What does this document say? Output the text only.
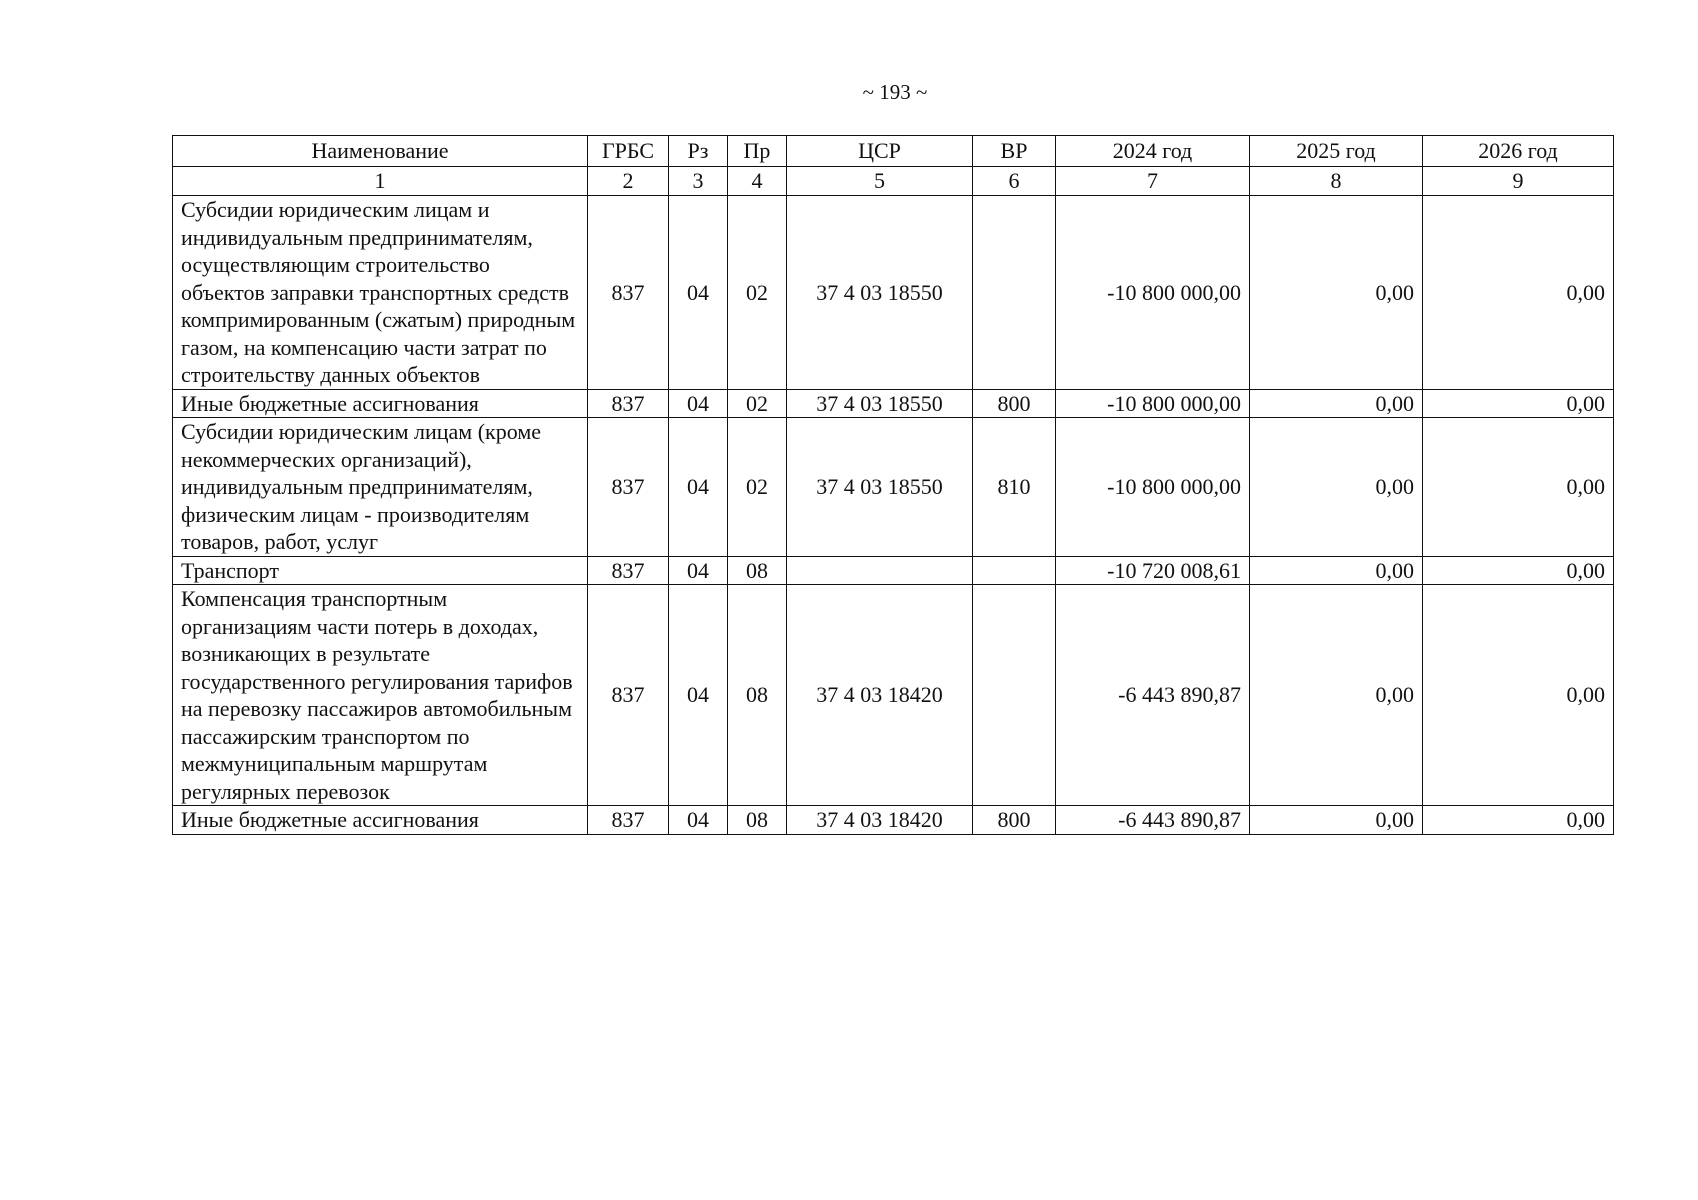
~ 193 ~
Наименование	ГРБС	Рз	Пр	ЦСР	ВР	2024 год	2025 год	2026 год
1	2	3	4	5	6	7	8	9
Субсидии юридическим лицам и индивидуальным предпринимателям, осуществляющим строительство объектов заправки транспортных средств компримированным (сжатым) природным газом, на компенсацию части затрат по строительству данных объектов	837	04	02	37 4 03 18550		-10 800 000,00	0,00	0,00
Иные бюджетные ассигнования	837	04	02	37 4 03 18550	800	-10 800 000,00	0,00	0,00
Субсидии юридическим лицам (кроме некоммерческих организаций), индивидуальным предпринимателям, физическим лицам - производителям товаров, работ, услуг	837	04	02	37 4 03 18550	810	-10 800 000,00	0,00	0,00
Транспорт	837	04	08			-10 720 008,61	0,00	0,00
Компенсация транспортным организациям части потерь в доходах, возникающих в результате государственного регулирования тарифов на перевозку пассажиров автомобильным пассажирским транспортом по межмуниципальным маршрутам регулярных перевозок	837	04	08	37 4 03 18420		-6 443 890,87	0,00	0,00
Иные бюджетные ассигнования	837	04	08	37 4 03 18420	800	-6 443 890,87	0,00	0,00
